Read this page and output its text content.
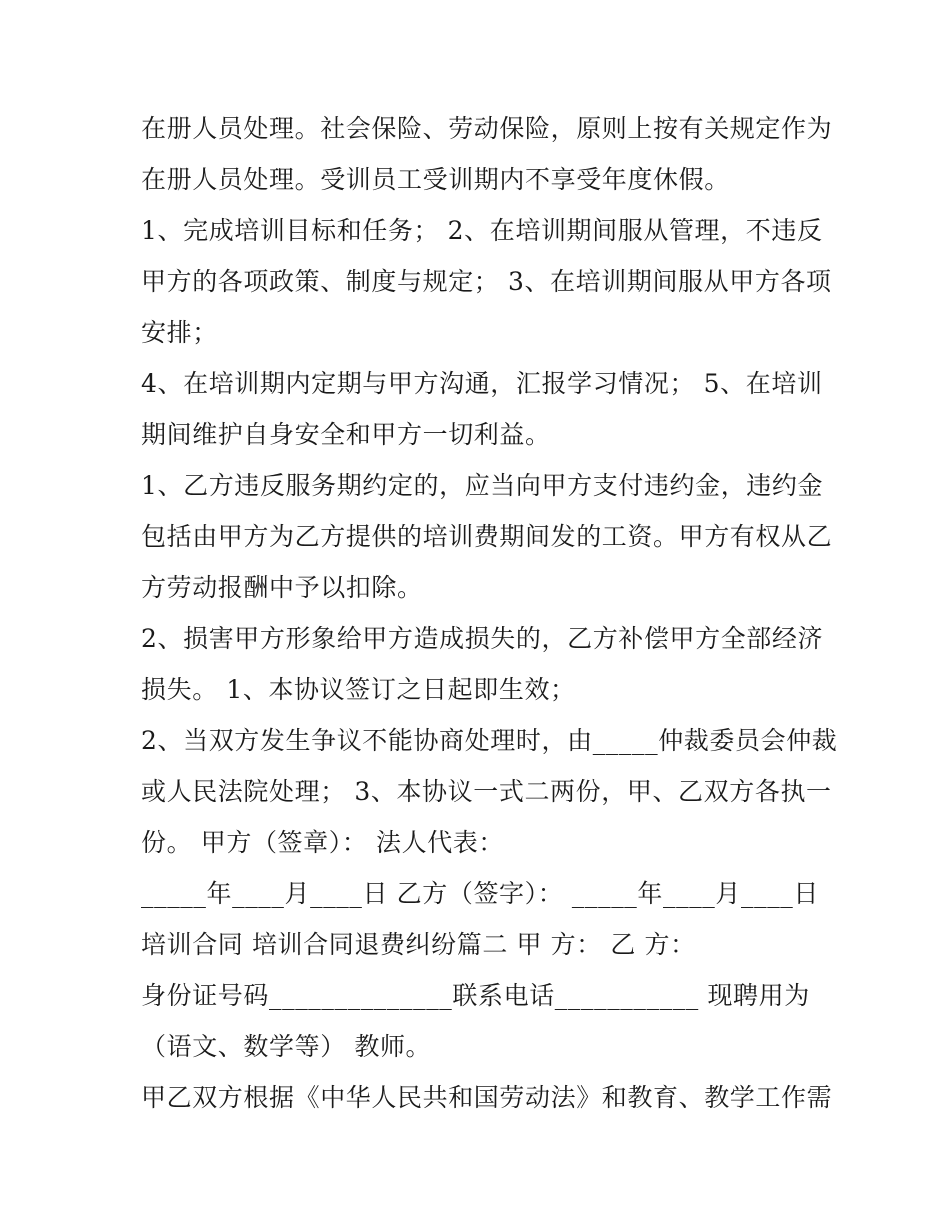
在册人员处理。社会保险、劳动保险，原则上按有关规定作为
在册人员处理。受训员工受训期内不享受年度休假。
1、完成培训目标和任务； 2、在培训期间服从管理，不违反
甲方的各项政策、制度与规定； 3、在培训期间服从甲方各项
安排；
4、在培训期内定期与甲方沟通，汇报学习情况； 5、在培训
期间维护自身安全和甲方一切利益。
1、乙方违反服务期约定的，应当向甲方支付违约金，违约金
包括由甲方为乙方提供的培训费期间发的工资。甲方有权从乙
方劳动报酬中予以扣除。
2、损害甲方形象给甲方造成损失的，乙方补偿甲方全部经济
损失。 1、本协议签订之日起即生效；
2、当双方发生争议不能协商处理时，由_____仲裁委员会仲裁
或人民法院处理； 3、本协议一式二两份，甲、乙双方各执一
份。 甲方（签章）： 法人代表：
_____年____月____日 乙方（签字）： _____年____月____日
培训合同 培训合同退费纠纷篇二 甲 方： 乙 方：
身份证号码______________联系电话___________ 现聘用为
（语文、数学等） 教师。
甲乙双方根据《中华人民共和国劳动法》和教育、教学工作需
